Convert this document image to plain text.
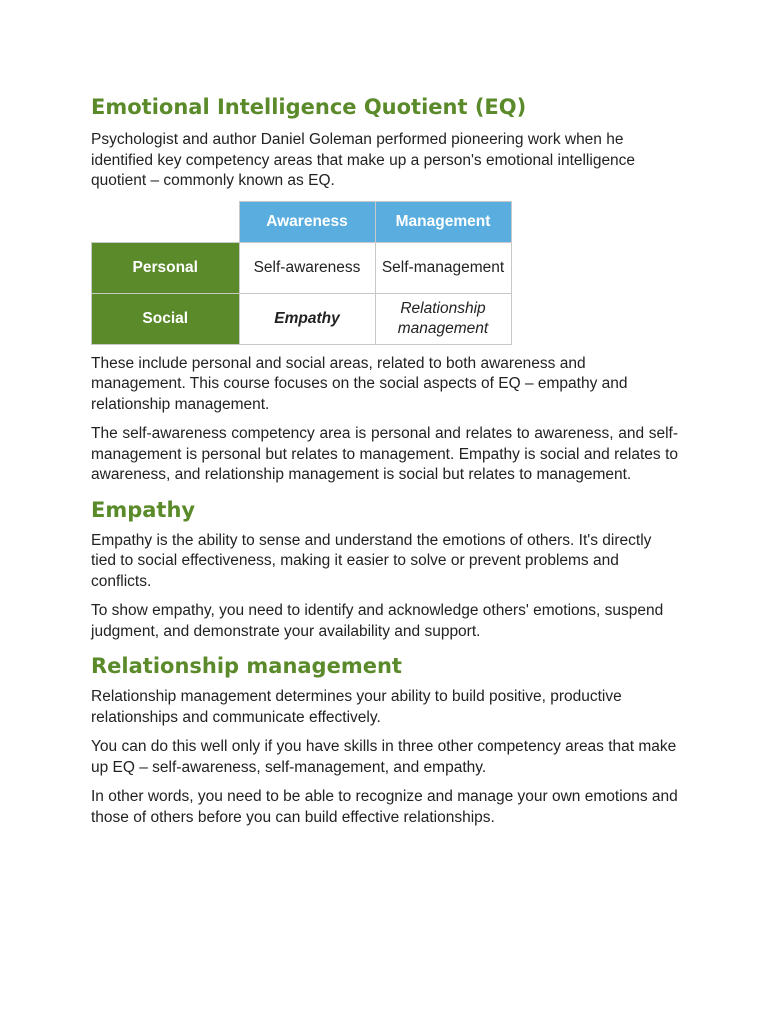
Emotional Intelligence Quotient (EQ)

Psychologist and author Daniel Goleman performed pioneering work when he identified key competency areas that make up a person's emotional intelligence quotient – commonly known as EQ.

	Awareness	Management
Personal	Self-awareness	Self-management
Social	Empathy	Relationship management

These include personal and social areas, related to both awareness and management. This course focuses on the social aspects of EQ – empathy and relationship management.

The self-awareness competency area is personal and relates to awareness, and self-management is personal but relates to management. Empathy is social and relates to awareness, and relationship management is social but relates to management.

Empathy

Empathy is the ability to sense and understand the emotions of others. It's directly tied to social effectiveness, making it easier to solve or prevent problems and conflicts.

To show empathy, you need to identify and acknowledge others' emotions, suspend judgment, and demonstrate your availability and support.

Relationship management

Relationship management determines your ability to build positive, productive relationships and communicate effectively.

You can do this well only if you have skills in three other competency areas that make up EQ – self-awareness, self-management, and empathy.

In other words, you need to be able to recognize and manage your own emotions and those of others before you can build effective relationships.
